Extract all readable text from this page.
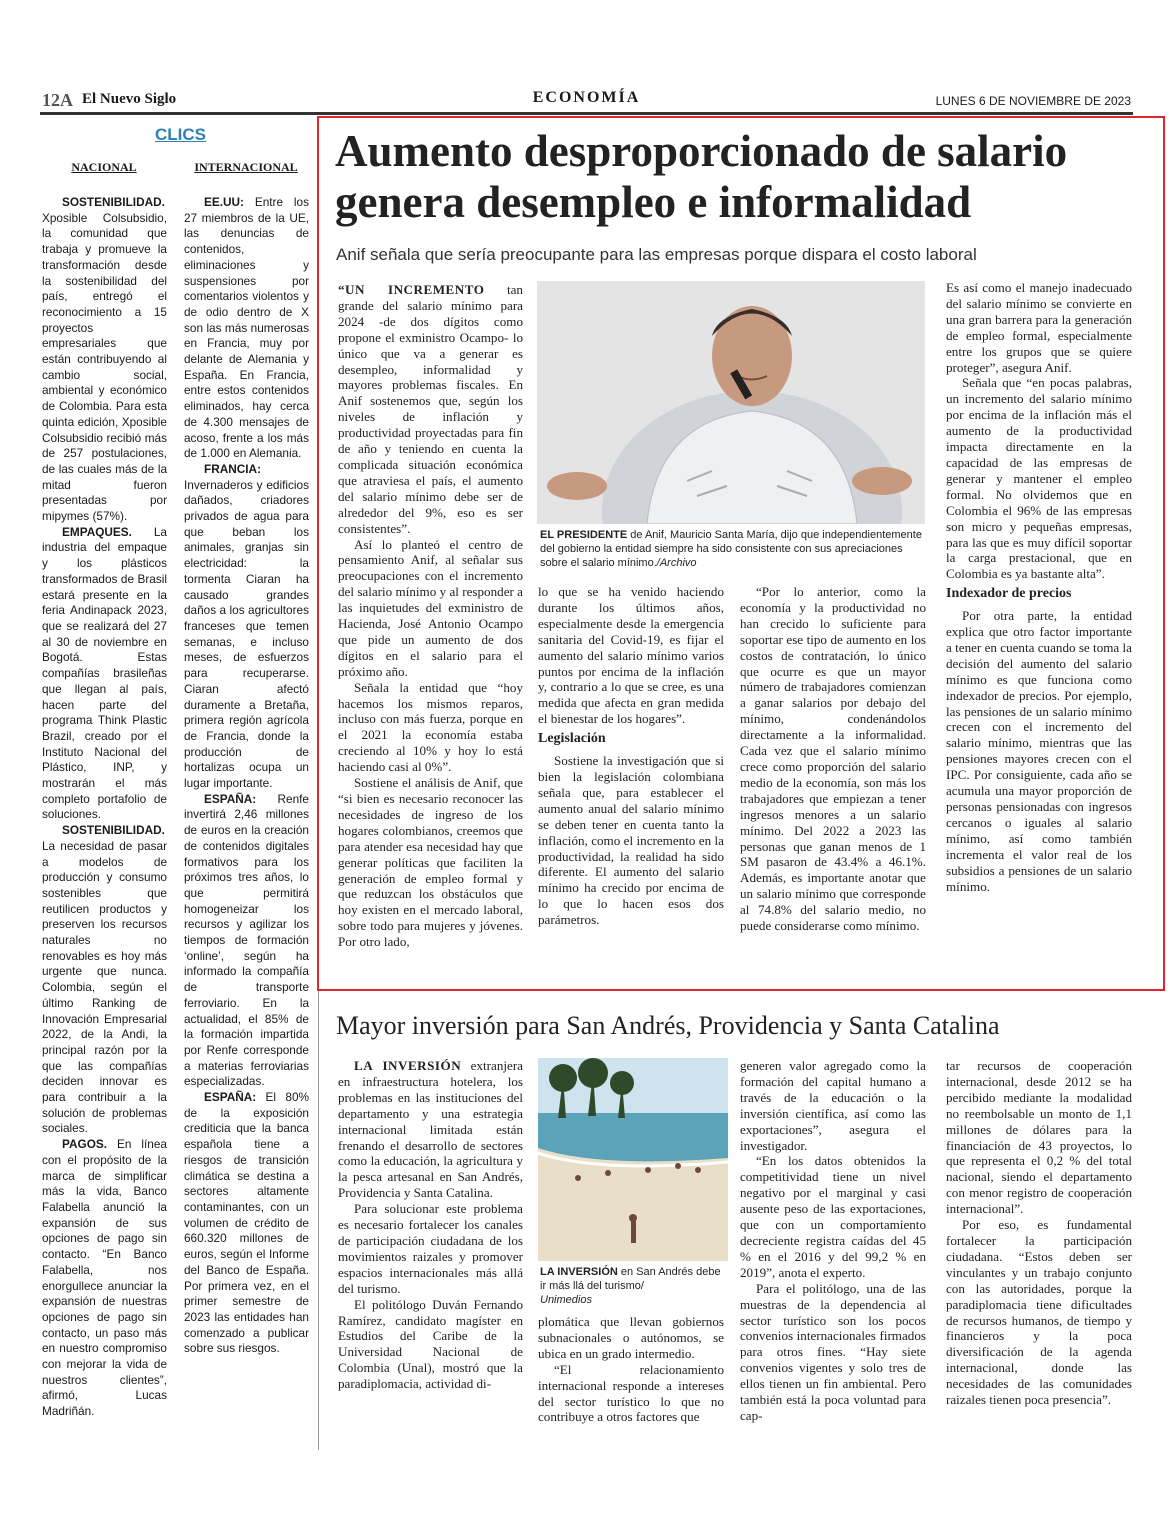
12A El Nuevo Siglo	ECONOMÍA	LUNES 6 DE NOVIEMBRE DE 2023
CLICS
NACIONAL	INTERNACIONAL

SOSTENIBILIDAD. Xposible Colsubsidio, la comunidad que trabaja y promueve la transformación desde la sostenibilidad del país, entregó el reconocimiento a 15 proyectos empresariales que están contribuyendo al cambio social, ambiental y económico de Colombia. Para esta quinta edición, Xposible Colsubsidio recibió más de 257 postulaciones, de las cuales más de la mitad fueron presentadas por mipymes (57%).

EMPAQUES. La industria del empaque y los plásticos transformados de Brasil estará presente en la feria Andinapack 2023, que se realizará del 27 al 30 de noviembre en Bogotá. Estas compañías brasileñas que llegan al país, hacen parte del programa Think Plastic Brazil, creado por el Instituto Nacional del Plástico, INP, y mostrarán el más completo portafolio de soluciones.

SOSTENIBILIDAD. La necesidad de pasar a modelos de producción y consumo sostenibles que reutilicen productos y preserven los recursos naturales no renovables es hoy más urgente que nunca. Colombia, según el último Ranking de Innovación Empresarial 2022, de la Andi, la principal razón por la que las compañías deciden innovar es para contribuir a la solución de problemas sociales.

PAGOS. En línea con el propósito de la marca de simplificar más la vida, Banco Falabella anunció la expansión de sus opciones de pago sin contacto. “En Banco Falabella, nos enorgullece anunciar la expansión de nuestras opciones de pago sin contacto, un paso más en nuestro compromiso con mejorar la vida de nuestros clientes”, afirmó, Lucas Madriñán.

EE.UU: Entre los 27 miembros de la UE, las denuncias de contenidos, eliminaciones y suspensiones por comentarios violentos y de odio dentro de X son las más numerosas en Francia, muy por delante de Alemania y España. En Francia, entre estos contenidos eliminados, hay cerca de 4.300 mensajes de acoso, frente a los más de 1.000 en Alemania.

FRANCIA: Invernaderos y edificios dañados, criadores privados de agua para que beban los animales, granjas sin electricidad: la tormenta Ciaran ha causado grandes daños a los agricultores franceses que temen semanas, e incluso meses, de esfuerzos para recuperarse. Ciaran afectó duramente a Bretaña, primera región agrícola de Francia, donde la producción de hortalizas ocupa un lugar importante.

ESPAÑA: Renfe invertirá 2,46 millones de euros en la creación de contenidos digitales formativos para los próximos tres años, lo que permitirá homogeneizar los recursos y agilizar los tiempos de formación ‘online’, según ha informado la compañía de transporte ferroviario. En la actualidad, el 85% de la formación impartida por Renfe corresponde a materias ferroviarias especializadas.

ESPAÑA: El 80% de la exposición crediticia que la banca española tiene a riesgos de transición climática se destina a sectores altamente contaminantes, con un volumen de crédito de 660.320 millones de euros, según el Informe del Banco de España. Por primera vez, en el primer semestre de 2023 las entidades han comenzado a publicar sobre sus riesgos.

Aumento desproporcionado de salario genera desempleo e informalidad
Anif señala que sería preocupante para las empresas porque dispara el costo laboral

“UN INCREMENTO tan grande del salario mínimo para 2024 -de dos dígitos como propone el exministro Ocampo- lo único que va a generar es desempleo, informalidad y mayores problemas fiscales. En Anif sostenemos que, según los niveles de inflación y productividad proyectadas para fin de año y teniendo en cuenta la complicada situación económica que atraviesa el país, el aumento del salario mínimo debe ser de alrededor del 9%, eso es ser consistentes”.

Así lo planteó el centro de pensamiento Anif, al señalar sus preocupaciones con el incremento del salario mínimo y al responder a las inquietudes del exministro de Hacienda, José Antonio Ocampo que pide un aumento de dos dígitos en el salario para el próximo año.

Señala la entidad que “hoy hacemos los mismos reparos, incluso con más fuerza, porque en el 2021 la economía estaba creciendo al 10% y hoy lo está haciendo casi al 0%”.

Sostiene el análisis de Anif, que “si bien es necesario reconocer las necesidades de ingreso de los hogares colombianos, creemos que para atender esa necesidad hay que generar políticas que faciliten la generación de empleo formal y que reduzcan los obstáculos que hoy existen en el mercado laboral, sobre todo para mujeres y jóvenes. Por otro lado,

EL PRESIDENTE de Anif, Mauricio Santa María, dijo que independientemente del gobierno la entidad siempre ha sido consistente con sus apreciaciones sobre el salario mínimo./Archivo

lo que se ha venido haciendo durante los últimos años, especialmente desde la emergencia sanitaria del Covid-19, es fijar el aumento del salario mínimo varios puntos por encima de la inflación y, contrario a lo que se cree, es una medida que afecta en gran medida el bienestar de los hogares”.

Legislación

Sostiene la investigación que si bien la legislación colombiana señala que, para establecer el aumento anual del salario mínimo se deben tener en cuenta tanto la inflación, como el incremento en la productividad, la realidad ha sido diferente. El aumento del salario mínimo ha crecido por encima de lo que lo hacen esos dos parámetros.

“Por lo anterior, como la economía y la productividad no han crecido lo suficiente para soportar ese tipo de aumento en los costos de contratación, lo único que ocurre es que un mayor número de trabajadores comienzan a ganar salarios por debajo del mínimo, condenándolos directamente a la informalidad. Cada vez que el salario mínimo crece como proporción del salario medio de la economía, son más los trabajadores que empiezan a tener ingresos menores a un salario mínimo. Del 2022 a 2023 las personas que ganan menos de 1 SM pasaron de 43.4% a 46.1%. Además, es importante anotar que un salario mínimo que corresponde al 74.8% del salario medio, no puede considerarse como mínimo.

Es así como el manejo inadecuado del salario mínimo se convierte en una gran barrera para la generación de empleo formal, especialmente entre los grupos que se quiere proteger”, asegura Anif.

Señala que “en pocas palabras, un incremento del salario mínimo por encima de la inflación más el aumento de la productividad impacta directamente en la capacidad de las empresas de generar y mantener el empleo formal. No olvidemos que en Colombia el 96% de las empresas son micro y pequeñas empresas, para las que es muy difícil soportar la carga prestacional, que en Colombia es ya bastante alta”.

Indexador de precios

Por otra parte, la entidad explica que otro factor importante a tener en cuenta cuando se toma la decisión del aumento del salario mínimo es que funciona como indexador de precios. Por ejemplo, las pensiones de un salario mínimo crecen con el incremento del salario mínimo, mientras que las pensiones mayores crecen con el IPC. Por consiguiente, cada año se acumula una mayor proporción de personas pensionadas con ingresos cercanos o iguales al salario mínimo, así como también incrementa el valor real de los subsidios a pensiones de un salario mínimo.

Mayor inversión para San Andrés, Providencia y Santa Catalina

LA INVERSIÓN extranjera en infraestructura hotelera, los problemas en las instituciones del departamento y una estrategia internacional limitada están frenando el desarrollo de sectores como la educación, la agricultura y la pesca artesanal en San Andrés, Providencia y Santa Catalina.

Para solucionar este problema es necesario fortalecer los canales de participación ciudadana de los movimientos raizales y promover espacios internacionales más allá del turismo.

El politólogo Duván Fernando Ramírez, candidato magíster en Estudios del Caribe de la Universidad Nacional de Colombia (Unal), mostró que la paradiplomacia, actividad di-

LA INVERSIÓN en San Andrés debe ir más llá del turismo/
Unimedios

plomática que llevan gobiernos subnacionales o autónomos, se ubica en un grado intermedio.

“El relacionamiento internacional responde a intereses del sector turístico lo que no contribuye a otros factores que

generen valor agregado como la formación del capital humano a través de la educación o la inversión científica, así como las exportaciones”, asegura el investigador.

“En los datos obtenidos la competitividad tiene un nivel negativo por el marginal y casi ausente peso de las exportaciones, que con un comportamiento decreciente registra caídas del 45 % en el 2016 y del 99,2 % en 2019”, anota el experto.

Para el politólogo, una de las muestras de la dependencia al sector turístico son los pocos convenios internacionales firmados para otros fines. “Hay siete convenios vigentes y solo tres de ellos tienen un fin ambiental. Pero también está la poca voluntad para cap-

tar recursos de cooperación internacional, desde 2012 se ha percibido mediante la modalidad no reembolsable un monto de 1,1 millones de dólares para la financiación de 43 proyectos, lo que representa el 0,2 % del total nacional, siendo el departamento con menor registro de cooperación internacional”.

Por eso, es fundamental fortalecer la participación ciudadana. “Estos deben ser vinculantes y un trabajo conjunto con las autoridades, porque la paradiplomacia tiene dificultades de recursos humanos, de tiempo y financieros y la poca diversificación de la agenda internacional, donde las necesidades de las comunidades raizales tienen poca presencia”.
